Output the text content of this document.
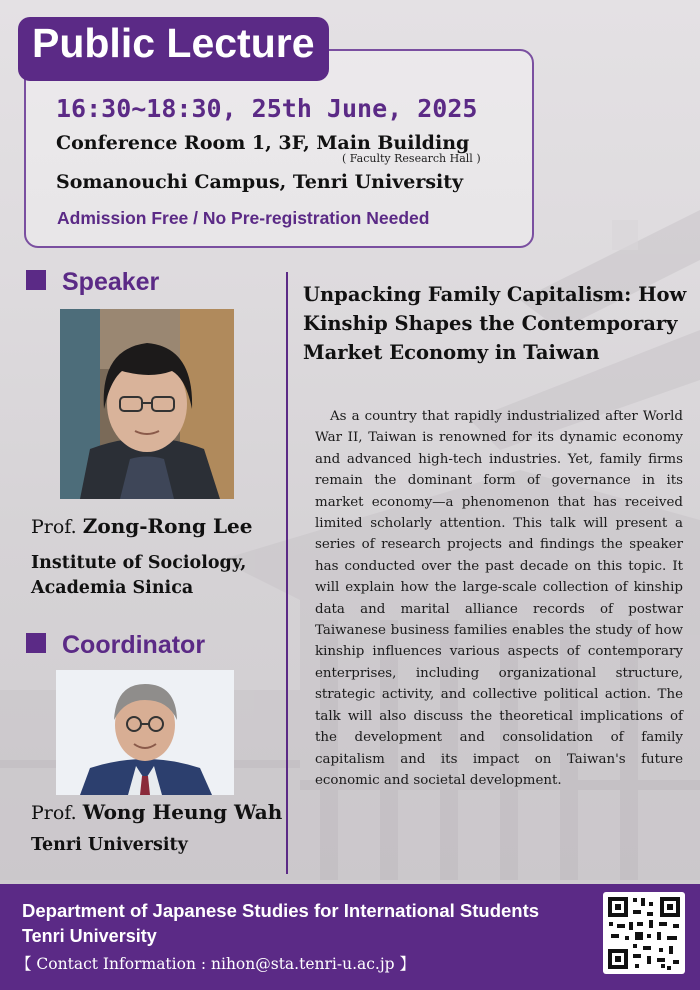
Public Lecture
16:30~18:30, 25th June, 2025
Conference Room 1, 3F, Main Building
( Faculty Research Hall )
Somanouchi Campus, Tenri University
Admission Free / No Pre-registration Needed
Speaker
Prof. Zong-Rong Lee
Institute of Sociology,
Academia Sinica
Coordinator
Prof. Wong Heung Wah
Tenri University
Unpacking Family Capitalism: How Kinship Shapes the Contemporary Market Economy in Taiwan
As a country that rapidly industrialized after World War II, Taiwan is renowned for its dynamic economy and advanced high-tech industries. Yet, family firms remain the dominant form of governance in its market economy—a phenomenon that has received limited scholarly attention. This talk will present a series of research projects and findings the speaker has conducted over the past decade on this topic. It will explain how the large-scale collection of kinship data and marital alliance records of postwar Taiwanese business families enables the study of how kinship influences various aspects of contemporary enterprises, including organizational structure, strategic activity, and collective political action. The talk will also discuss the theoretical implications of the development and consolidation of family capitalism and its impact on Taiwan's future economic and societal development.
Department of Japanese Studies for International Students
Tenri University
【 Contact Information : nihon@sta.tenri-u.ac.jp 】
